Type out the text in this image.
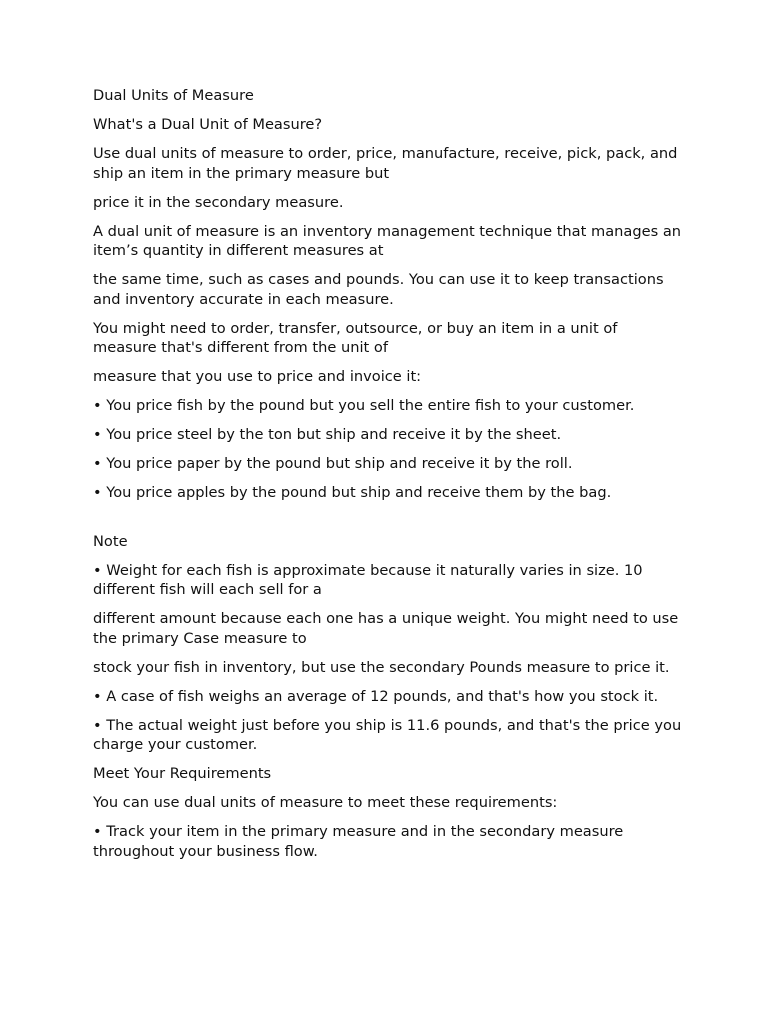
Dual Units of Measure

What's a Dual Unit of Measure?

Use dual units of measure to order, price, manufacture, receive, pick, pack, and ship an item in the primary measure but

price it in the secondary measure.

A dual unit of measure is an inventory management technique that manages an item’s quantity in different measures at

the same time, such as cases and pounds. You can use it to keep transactions and inventory accurate in each measure.

You might need to order, transfer, outsource, or buy an item in a unit of measure that's different from the unit of

measure that you use to price and invoice it:

• You price fish by the pound but you sell the entire fish to your customer.

• You price steel by the ton but ship and receive it by the sheet.

• You price paper by the pound but ship and receive it by the roll.

• You price apples by the pound but ship and receive them by the bag.

Note

• Weight for each fish is approximate because it naturally varies in size. 10 different fish will each sell for a

different amount because each one has a unique weight. You might need to use the primary Case measure to

stock your fish in inventory, but use the secondary Pounds measure to price it.

• A case of fish weighs an average of 12 pounds, and that's how you stock it.

• The actual weight just before you ship is 11.6 pounds, and that's the price you charge your customer.

Meet Your Requirements

You can use dual units of measure to meet these requirements:

• Track your item in the primary measure and in the secondary measure throughout your business flow.
